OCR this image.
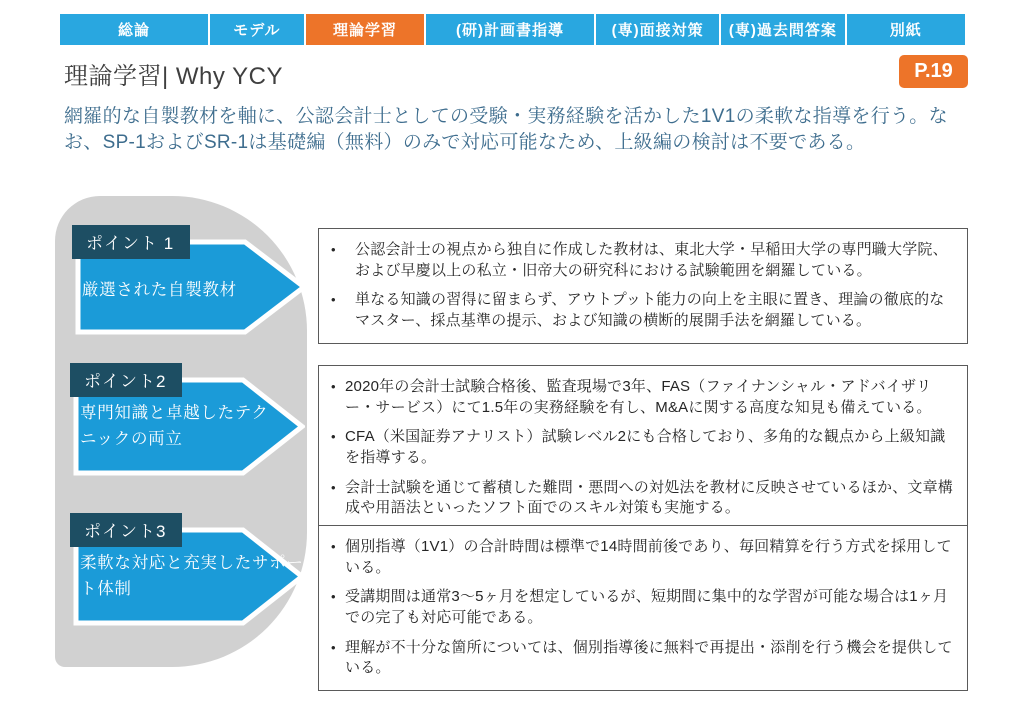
総論	モデル	理論学習	(研)計画書指導	(専)面接対策	(専)過去問答案	別紙
理論学習| Why YCY	P.19
網羅的な自製教材を軸に、公認会計士としての受験・実務経験を活かした1V1の柔軟な指導を行う。な
お、SP-1およびSR-1は基礎編（無料）のみで対応可能なため、上級編の検討は不要である。
ポイント 1
厳選された自製教材
ポイント2
専門知識と卓越したテク
ニックの両立
ポイント3
柔軟な対応と充実したサポー
ト体制
•	公認会計士の視点から独自に作成した教材は、東北大学・早稲田大学の専門職大学院、および早慶以上の私立・旧帝大の研究科における試験範囲を網羅している。
•	単なる知識の習得に留まらず、アウトプット能力の向上を主眼に置き、理論の徹底的なマスター、採点基準の提示、および知識の横断的展開手法を網羅している。
• 2020年の会計士試験合格後、監査現場で3年、FAS（ファイナンシャル・アドバイザリー・サービス）にて1.5年の実務経験を有し、M&Aに関する高度な知見も備えている。
• CFA（米国証券アナリスト）試験レベル2にも合格しており、多角的な観点から上級知識を指導する。
• 会計士試験を通じて蓄積した難問・悪問への対処法を教材に反映させているほか、文章構成や用語法といったソフト面でのスキル対策も実施する。
• 個別指導（1V1）の合計時間は標準で14時間前後であり、毎回精算を行う方式を採用している。
• 受講期間は通常3〜5ヶ月を想定しているが、短期間に集中的な学習が可能な場合は1ヶ月での完了も対応可能である。
• 理解が不十分な箇所については、個別指導後に無料で再提出・添削を行う機会を提供している。
